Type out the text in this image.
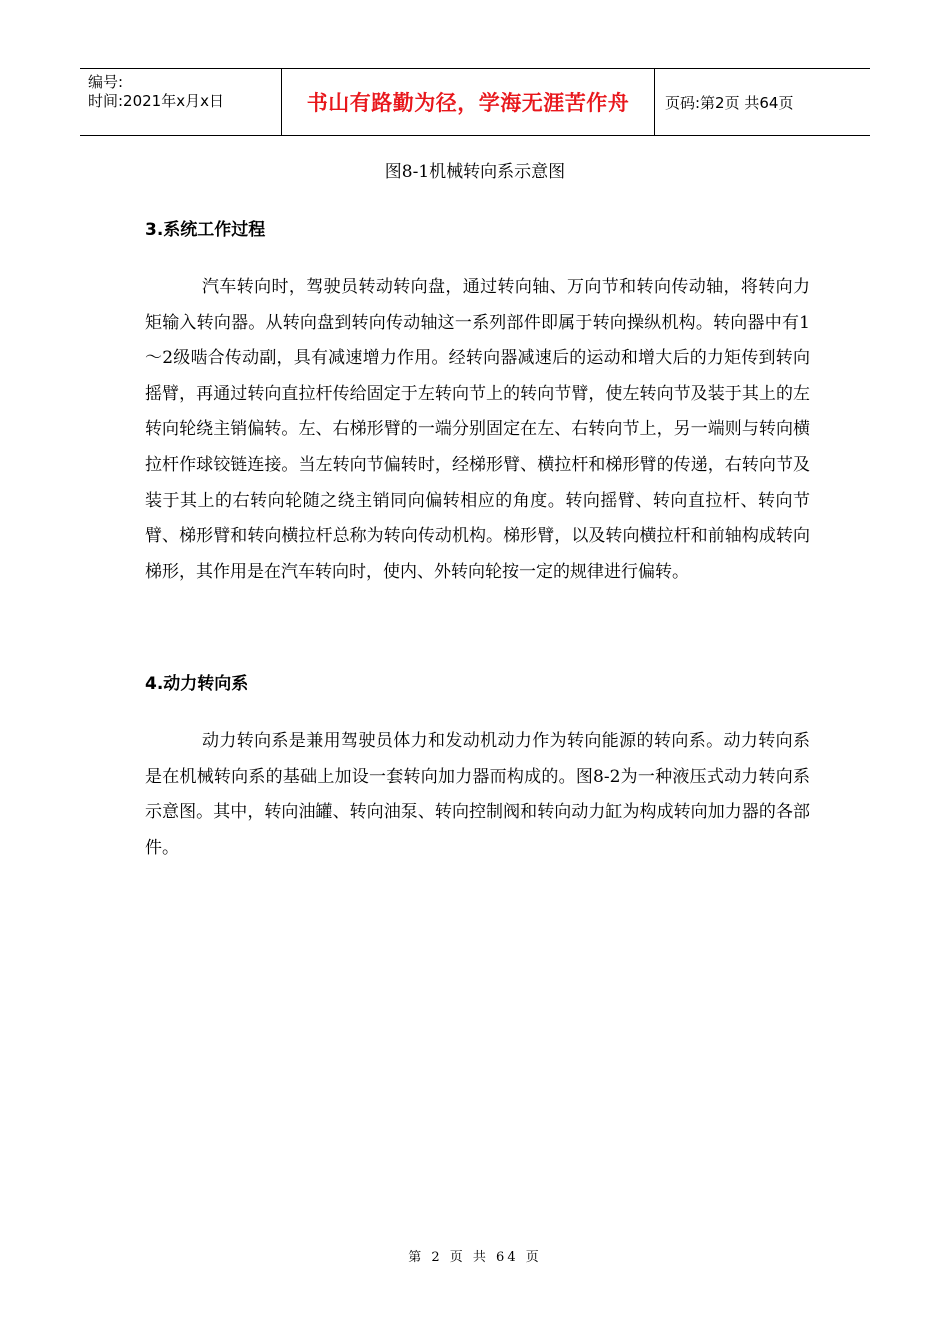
编号:
时间:2021年x月x日	书山有路勤为径，学海无涯苦作舟	页码:第2页 共64页
图8-1机械转向系示意图
3.系统工作过程

汽车转向时，驾驶员转动转向盘，通过转向轴、万向节和转向传动轴，将转向力矩输入转向器。从转向盘到转向传动轴这一系列部件即属于转向操纵机构。转向器中有1～2级啮合传动副，具有减速增力作用。经转向器减速后的运动和增大后的力矩传到转向摇臂，再通过转向直拉杆传给固定于左转向节上的转向节臂，使左转向节及装于其上的左转向轮绕主销偏转。左、右梯形臂的一端分别固定在左、右转向节上，另一端则与转向横拉杆作球铰链连接。当左转向节偏转时，经梯形臂、横拉杆和梯形臂的传递，右转向节及装于其上的右转向轮随之绕主销同向偏转相应的角度。转向摇臂、转向直拉杆、转向节臂、梯形臂和转向横拉杆总称为转向传动机构。梯形臂，以及转向横拉杆和前轴构成转向梯形，其作用是在汽车转向时，使内、外转向轮按一定的规律进行偏转。

4.动力转向系

动力转向系是兼用驾驶员体力和发动机动力作为转向能源的转向系。动力转向系是在机械转向系的基础上加设一套转向加力器而构成的。图8-2为一种液压式动力转向系示意图。其中，转向油罐、转向油泵、转向控制阀和转向动力缸为构成转向加力器的各部件。

第 2 页 共 64 页
